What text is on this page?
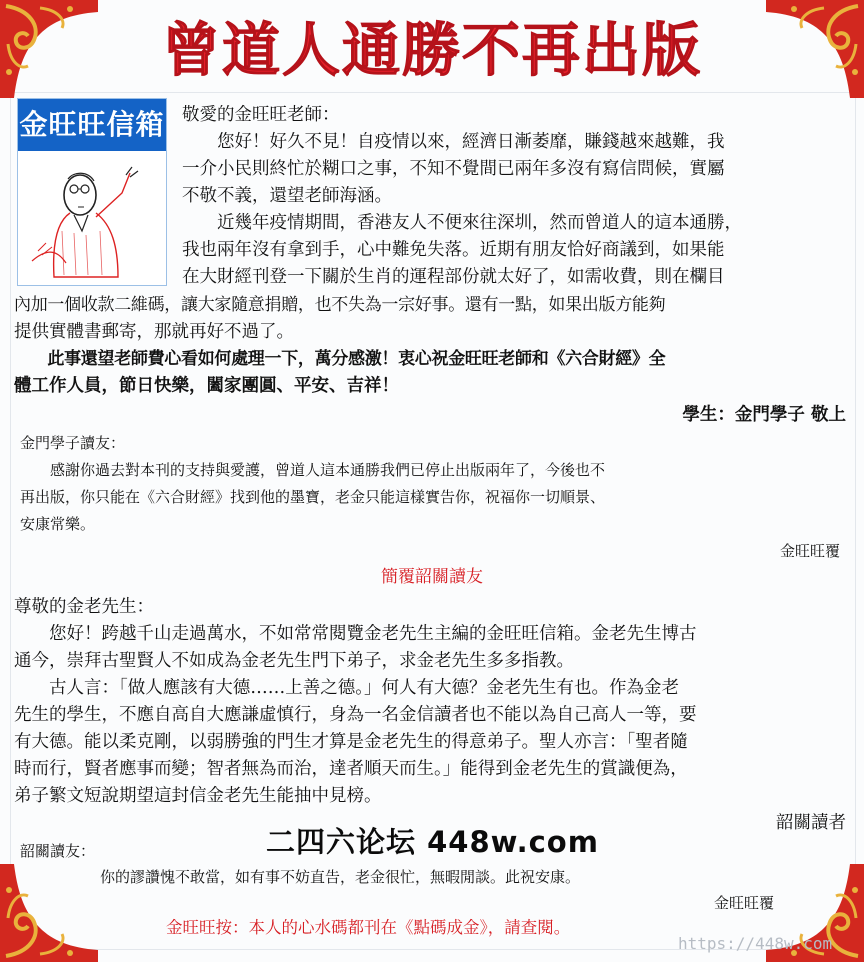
曾道人通勝不再出版
金旺旺信箱 敬愛的金旺旺老師：

　　您好！好久不見！自疫情以來，經濟日漸萎靡，賺錢越來越難，我

一介小民則終忙於糊口之事，不知不覺間已兩年多沒有寫信問候，實屬

不敬不義，還望老師海涵。

　　近幾年疫情期間，香港友人不便來往深圳，然而曾道人的這本通勝，

我也兩年沒有拿到手，心中難免失落。近期有朋友恰好商議到，如果能

在大財經刊登一下關於生肖的運程部份就太好了，如需收費，則在欄目

內加一個收款二維碼，讓大家隨意捐贈，也不失為一宗好事。還有一點，如果出版方能夠

提供實體書郵寄，那就再好不過了。

　　此事還望老師費心看如何處理一下，萬分感激！衷心祝金旺旺老師和《六合財經》全

體工作人員，節日快樂，闔家團圓、平安、吉祥！

學生：金門學子 敬上

金門學子讀友：

　　感謝你過去對本刊的支持與愛護，曾道人這本通勝我們已停止出版兩年了，今後也不

再出版，你只能在《六合財經》找到他的墨寶，老金只能這樣實告你，祝福你一切順景、

安康常樂。

金旺旺覆

簡覆韶關讀友

尊敬的金老先生：

　　您好！跨越千山走過萬水，不如常常閱覽金老先生主編的金旺旺信箱。金老先生博古

通今，崇拜古聖賢人不如成為金老先生門下弟子，求金老先生多多指教。

　　古人言：「做人應該有大德……上善之德。」何人有大德？金老先生有也。作為金老

先生的學生，不應自高自大應謙虛慎行，身為一名金信讀者也不能以為自己高人一等，要

有大德。能以柔克剛，以弱勝強的門生才算是金老先生的得意弟子。聖人亦言：「聖者隨

時而行，賢者應事而變；智者無為而治，達者順天而生。」能得到金老先生的賞識便為，

弟子繁文短說期望這封信金老先生能抽中見榜。

韶關讀者

二四六论坛 448w.com

韶關讀友：

你的謬讚愧不敢當，如有事不妨直告，老金很忙，無暇閒談。此祝安康。

金旺旺覆

金旺旺按：本人的心水碼都刊在《點碼成金》，請查閱。

https://448w.com
